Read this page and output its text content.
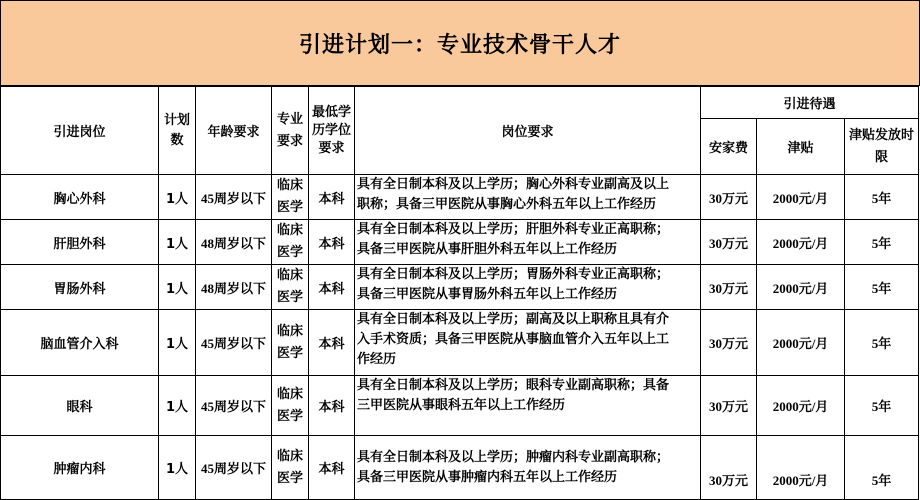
引进计划一：专业技术骨干人才
引进岗位	计划数	年龄要求	专业要求	最低学历学位要求	岗位要求	引进待遇		
						安家费	津贴	津贴发放时限
胸心外科	1人	45周岁以下	临床医学	本科	具有全日制本科及以上学历；胸心外科专业副高及以上
职称；具备三甲医院从事胸心外科五年以上工作经历	30万元	2000元/月	5年
肝胆外科	1人	48周岁以下	临床医学	本科	具有全日制本科及以上学历；肝胆外科专业正高职称；
具备三甲医院从事肝胆外科五年以上工作经历	30万元	2000元/月	5年
胃肠外科	1人	48周岁以下	临床医学	本科	具有全日制本科及以上学历；胃肠外科专业正高职称；
具备三甲医院从事胃肠外科五年以上工作经历	30万元	2000元/月	5年
脑血管介入科	1人	45周岁以下	临床医学	本科	具有全日制本科及以上学历；副高及以上职称且具有介
入手术资质；具备三甲医院从事脑血管介入五年以上工
作经历	30万元	2000元/月	5年
眼科	1人	45周岁以下	临床医学	本科	具有全日制本科及以上学历；眼科专业副高职称；具备
三甲医院从事眼科五年以上工作经历	30万元	2000元/月	5年
肿瘤内科	1人	45周岁以下	临床医学	本科	具有全日制本科及以上学历；肿瘤内科专业副高职称；
具备三甲医院从事肿瘤内科五年以上工作经历	30万元	2000元/月	5年
